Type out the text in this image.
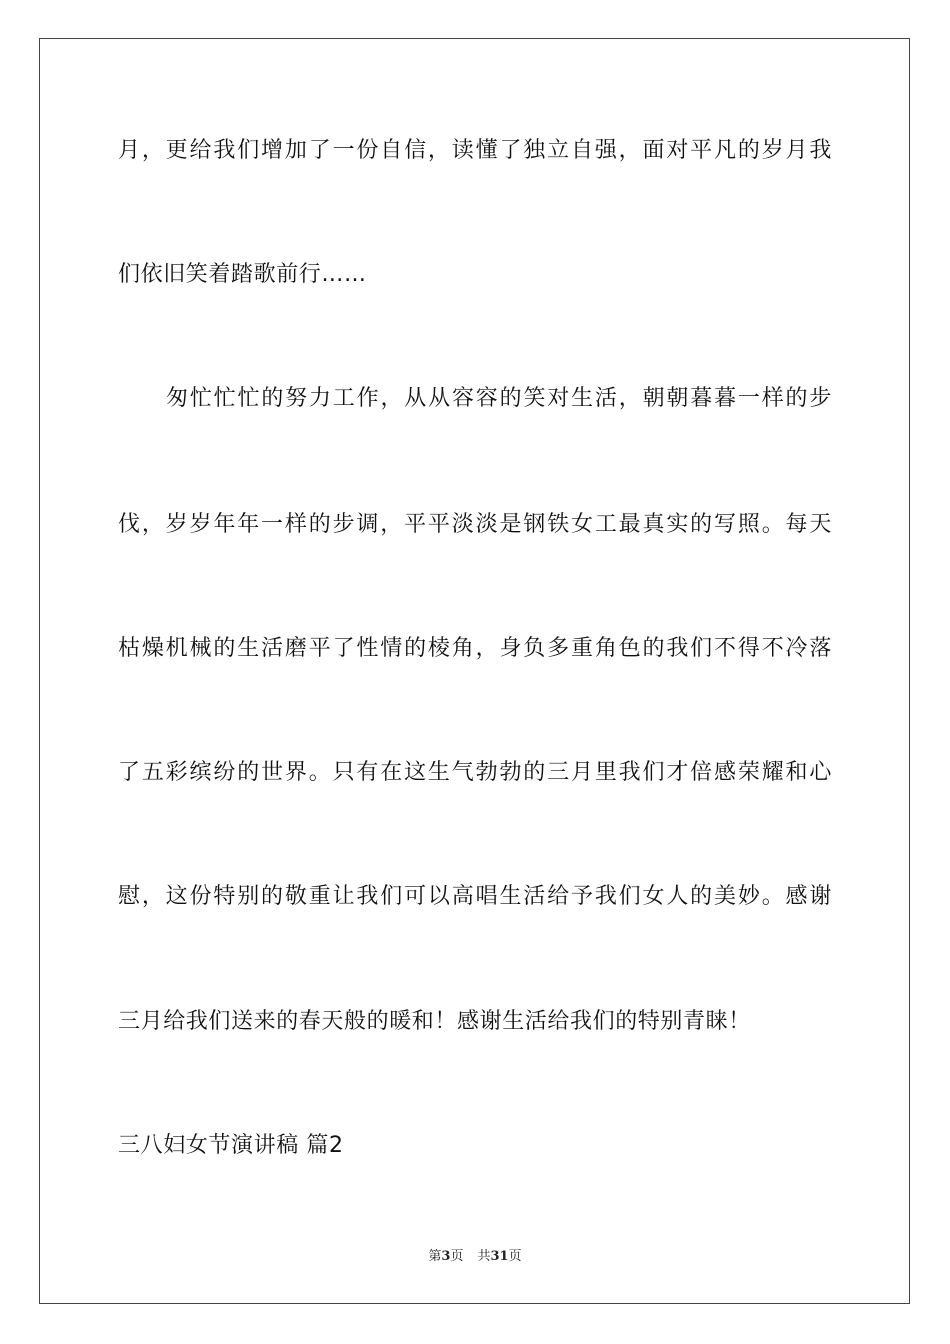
月，更给我们增加了一份自信，读懂了独立自强，面对平凡的岁月我
们依旧笑着踏歌前行……
匆忙忙忙的努力工作，从从容容的笑对生活，朝朝暮暮一样的步
伐，岁岁年年一样的步调，平平淡淡是钢铁女工最真实的写照。每天
枯燥机械的生活磨平了性情的棱角，身负多重角色的我们不得不冷落
了五彩缤纷的世界。只有在这生气勃勃的三月里我们才倍感荣耀和心
慰，这份特别的敬重让我们可以高唱生活给予我们女人的美妙。感谢
三月给我们送来的春天般的暖和！感谢生活给我们的特别青睐！
三八妇女节演讲稿 篇2
第3页 共31页
